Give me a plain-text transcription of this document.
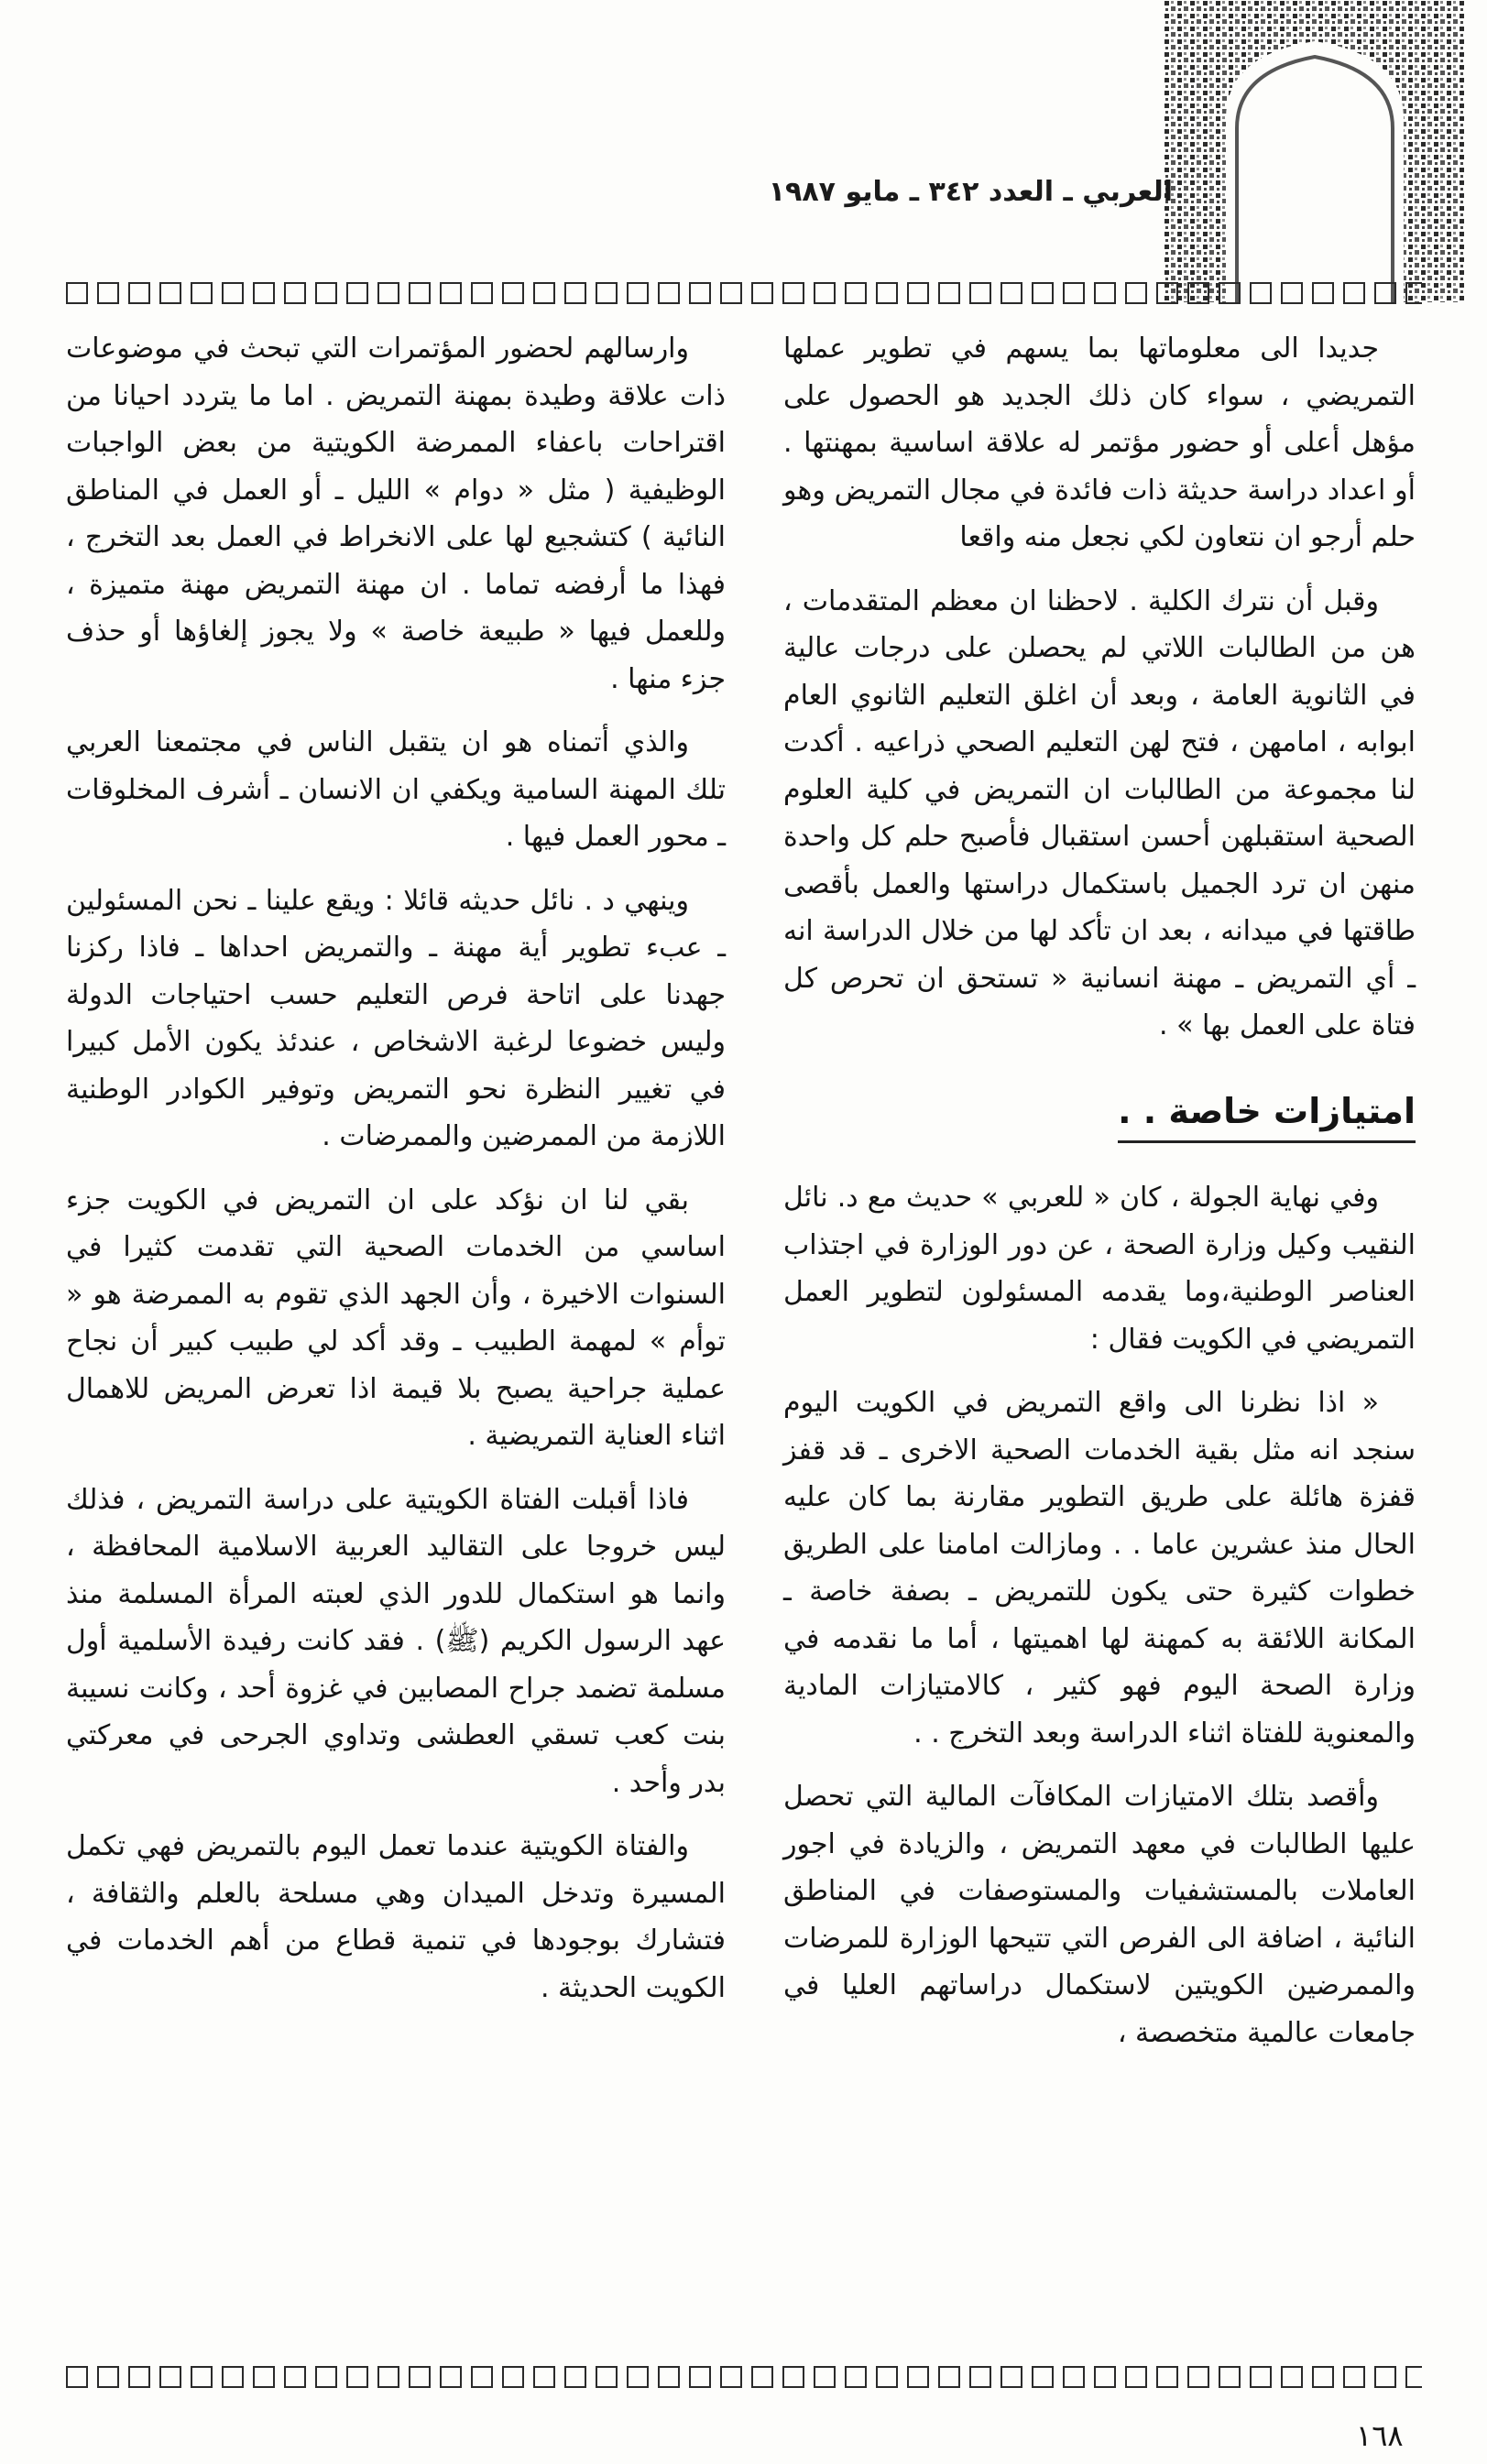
العربي ـ العدد ٣٤٢ ـ مايو ١٩٨٧

جديدا الى معلوماتها بما يسهم في تطوير عملها التمريضي ، سواء كان ذلك الجديد هو الحصول على مؤهل أعلى أو حضور مؤتمر له علاقة اساسية بمهنتها . أو اعداد دراسة حديثة ذات فائدة في مجال التمريض وهو حلم أرجو ان نتعاون لكي نجعل منه واقعا

وقبل أن نترك الكلية . لاحظنا ان معظم المتقدمات ، هن من الطالبات اللاتي لم يحصلن على درجات عالية في الثانوية العامة ، وبعد أن اغلق التعليم الثانوي العام ابوابه ، امامهن ، فتح لهن التعليم الصحي ذراعيه . أكدت لنا مجموعة من الطالبات ان التمريض في كلية العلوم الصحية استقبلهن أحسن استقبال فأصبح حلم كل واحدة منهن ان ترد الجميل باستكمال دراستها والعمل بأقصى طاقتها في ميدانه ، بعد ان تأكد لها من خلال الدراسة انه ـ أي التمريض ـ مهنة انسانية « تستحق ان تحرص كل فتاة على العمل بها » .

امتيازات خاصة . .

وفي نهاية الجولة ، كان « للعربي » حديث مع د. نائل النقيب وكيل وزارة الصحة ، عن دور الوزارة في اجتذاب العناصر الوطنية،وما يقدمه المسئولون لتطوير العمل التمريضي في الكويت فقال :

« اذا نظرنا الى واقع التمريض في الكويت اليوم سنجد انه مثل بقية الخدمات الصحية الاخرى ـ قد قفز قفزة هائلة على طريق التطوير مقارنة بما كان عليه الحال منذ عشرين عاما . . ومازالت امامنا على الطريق خطوات كثيرة حتى يكون للتمريض ـ بصفة خاصة ـ المكانة اللائقة به كمهنة لها اهميتها ، أما ما نقدمه في وزارة الصحة اليوم فهو كثير ، كالامتيازات المادية والمعنوية للفتاة اثناء الدراسة وبعد التخرج . .

وأقصد بتلك الامتيازات المكافآت المالية التي تحصل عليها الطالبات في معهد التمريض ، والزيادة في اجور العاملات بالمستشفيات والمستوصفات في المناطق النائية ، اضافة الى الفرص التي تتيحها الوزارة للمرضات والممرضين الكويتين لاستكمال دراساتهم العليا في جامعات عالمية متخصصة ،

وارسالهم لحضور المؤتمرات التي تبحث في موضوعات ذات علاقة وطيدة بمهنة التمريض . اما ما يتردد احيانا من اقتراحات باعفاء الممرضة الكويتية من بعض الواجبات الوظيفية ( مثل « دوام » الليل ـ أو العمل في المناطق النائية ) كتشجيع لها على الانخراط في العمل بعد التخرج ، فهذا ما أرفضه تماما . ان مهنة التمريض مهنة متميزة ، وللعمل فيها « طبيعة خاصة » ولا يجوز إلغاؤها أو حذف جزء منها .

والذي أتمناه هو ان يتقبل الناس في مجتمعنا العربي تلك المهنة السامية ويكفي ان الانسان ـ أشرف المخلوقات ـ محور العمل فيها .

وينهي د . نائل حديثه قائلا : ويقع علينا ـ نحن المسئولين ـ عبء تطوير أية مهنة ـ والتمريض احداها ـ فاذا ركزنا جهدنا على اتاحة فرص التعليم حسب احتياجات الدولة وليس خضوعا لرغبة الاشخاص ، عندئذ يكون الأمل كبيرا في تغيير النظرة نحو التمريض وتوفير الكوادر الوطنية اللازمة من الممرضين والممرضات .

بقي لنا ان نؤكد على ان التمريض في الكويت جزء اساسي من الخدمات الصحية التي تقدمت كثيرا في السنوات الاخيرة ، وأن الجهد الذي تقوم به الممرضة هو « توأم » لمهمة الطبيب ـ وقد أكد لي طبيب كبير أن نجاح عملية جراحية يصبح بلا قيمة اذا تعرض المريض للاهمال اثناء العناية التمريضية .

فاذا أقبلت الفتاة الكويتية على دراسة التمريض ، فذلك ليس خروجا على التقاليد العربية الاسلامية المحافظة ، وانما هو استكمال للدور الذي لعبته المرأة المسلمة منذ عهد الرسول الكريم (ﷺ) . فقد كانت رفيدة الأسلمية أول مسلمة تضمد جراح المصابين في غزوة أحد ، وكانت نسيبة بنت كعب تسقي العطشى وتداوي الجرحى في معركتي بدر وأحد .

والفتاة الكويتية عندما تعمل اليوم بالتمريض فهي تكمل المسيرة وتدخل الميدان وهي مسلحة بالعلم والثقافة ، فتشارك بوجودها في تنمية قطاع من أهم الخدمات في الكويت الحديثة .

١٦٨
